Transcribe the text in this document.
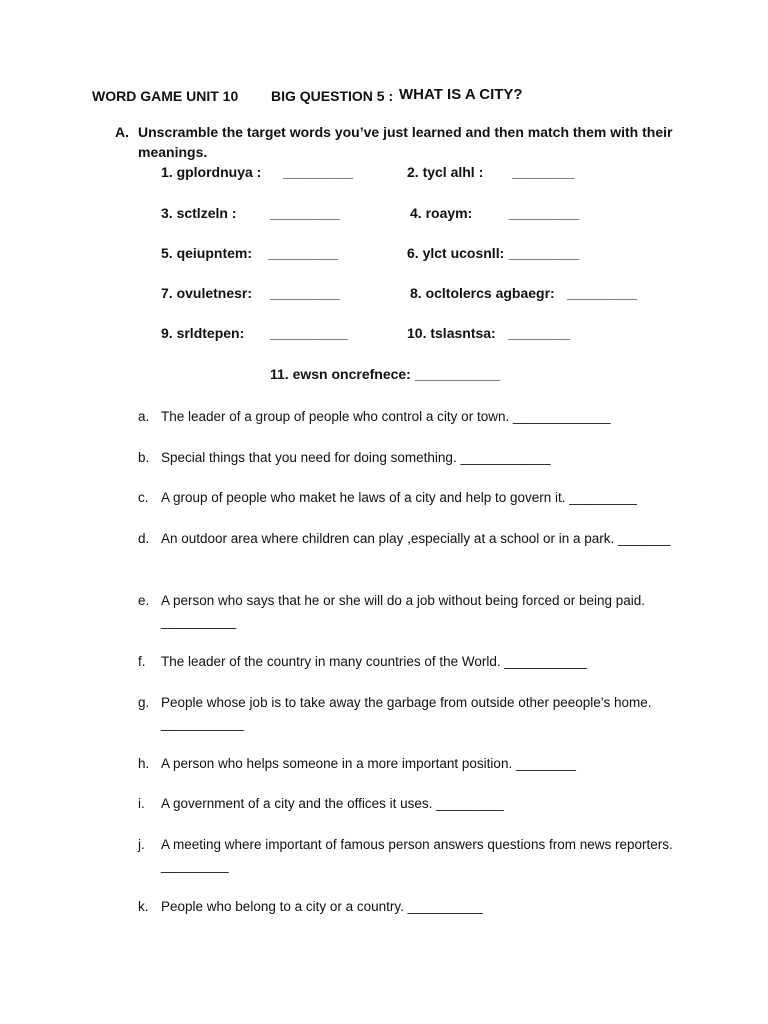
WORD GAME UNIT 10 BIG QUESTION 5 : WHAT IS A CITY?
A. Unscramble the target words you’ve just learned and then match them with their meanings.
1. gplordnuya : _________	2. tycl alhl : ________
3. sctlzeln : _________	4. roaym:	_________
5. qeiupntem: _________	6. ylct ucosnll: _________
7. ovuletnesr: _________	8. ocltolercs agbaegr: _________
9. srldtepen: __________	10. tslasntsa: ________
11. ewsn oncrefnece: ___________
a. The leader of a group of people who control a city or town. _____________
b. Special things that you need for doing something. ____________
c. A group of people who maket he laws of a city and help to govern it. _________
d. An outdoor area where children can play ,especially at a school or in a park. _______
e. A person who says that he or she will do a job without being forced or being paid. __________
f. The leader of the country in many countries of the World. ___________
g. People whose job is to take away the garbage from outside other peeople’s home. ___________
h. A person who helps someone in a more important position. ________
i. A government of a city and the offices it uses. _________
j. A meeting where important of famous person answers questions from news reporters. _________
k. People who belong to a city or a country. __________
